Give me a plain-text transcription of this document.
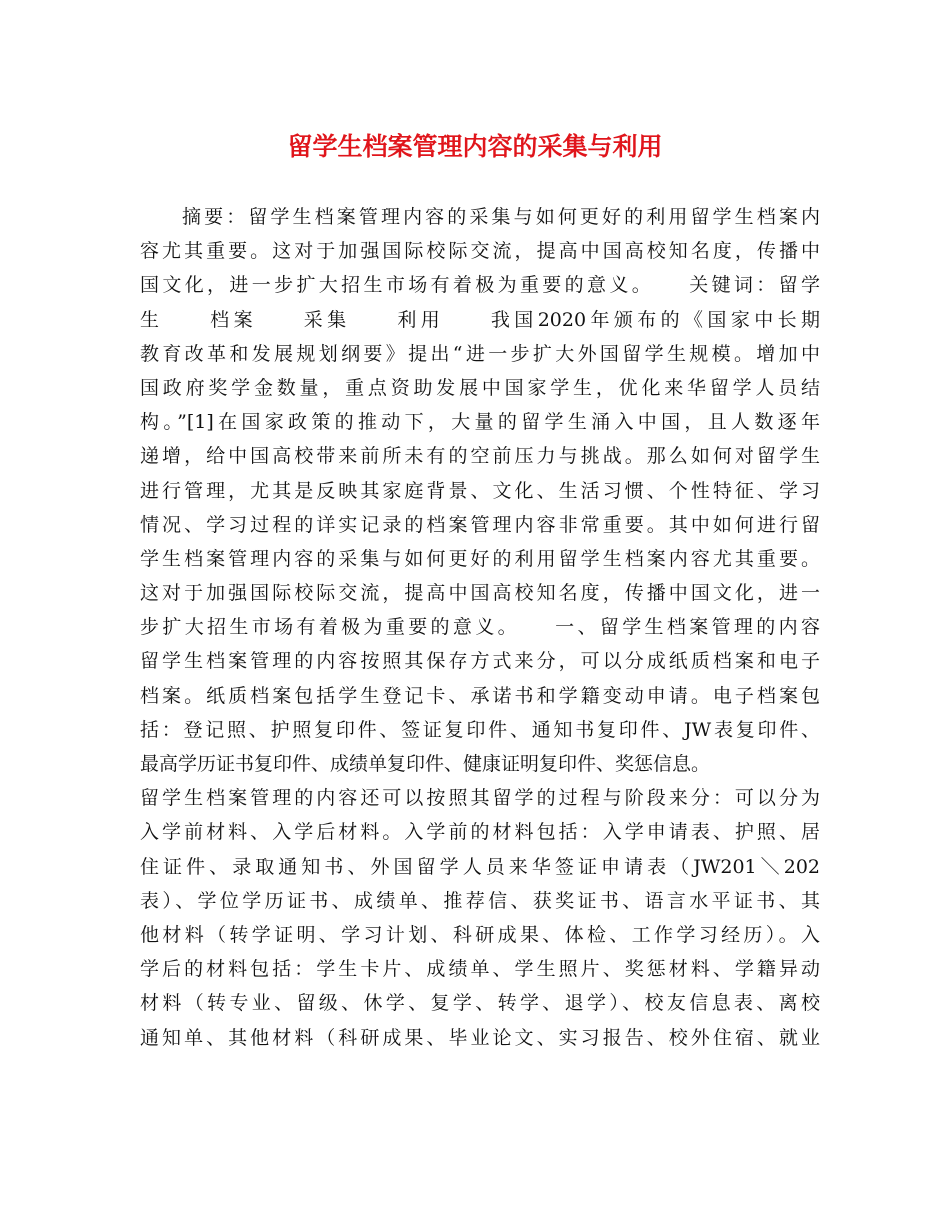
留学生档案管理内容的采集与利用
摘要：留学生档案管理内容的采集与如何更好的利用留学生档案内
容尤其重要。这对于加强国际校际交流，提高中国高校知名度，传播中
国文化，进一步扩大招生市场有着极为重要的意义。　　关键词：留学
生　　档案　　采集　　利用　　我国2020年颁布的《国家中长期
教育改革和发展规划纲要》提出“进一步扩大外国留学生规模。增加中
国政府奖学金数量，重点资助发展中国家学生，优化来华留学人员结
构。”[1]在国家政策的推动下，大量的留学生涌入中国，且人数逐年
递增，给中国高校带来前所未有的空前压力与挑战。那么如何对留学生
进行管理，尤其是反映其家庭背景、文化、生活习惯、个性特征、学习
情况、学习过程的详实记录的档案管理内容非常重要。其中如何进行留
学生档案管理内容的采集与如何更好的利用留学生档案内容尤其重要。
这对于加强国际校际交流，提高中国高校知名度，传播中国文化，进一
步扩大招生市场有着极为重要的意义。　　一、留学生档案管理的内容
留学生档案管理的内容按照其保存方式来分，可以分成纸质档案和电子
档案。纸质档案包括学生登记卡、承诺书和学籍变动申请。电子档案包
括：登记照、护照复印件、签证复印件、通知书复印件、JW表复印件、
最高学历证书复印件、成绩单复印件、健康证明复印件、奖惩信息。
留学生档案管理的内容还可以按照其留学的过程与阶段来分：可以分为
入学前材料、入学后材料。入学前的材料包括：入学申请表、护照、居
住证件、录取通知书、外国留学人员来华签证申请表（JW201＼202
表）、学位学历证书、成绩单、推荐信、获奖证书、语言水平证书、其
他材料（转学证明、学习计划、科研成果、体检、工作学习经历）。入
学后的材料包括：学生卡片、成绩单、学生照片、奖惩材料、学籍异动
材料（转专业、留级、休学、复学、转学、退学）、校友信息表、离校
通知单、其他材料（科研成果、毕业论文、实习报告、校外住宿、就业
